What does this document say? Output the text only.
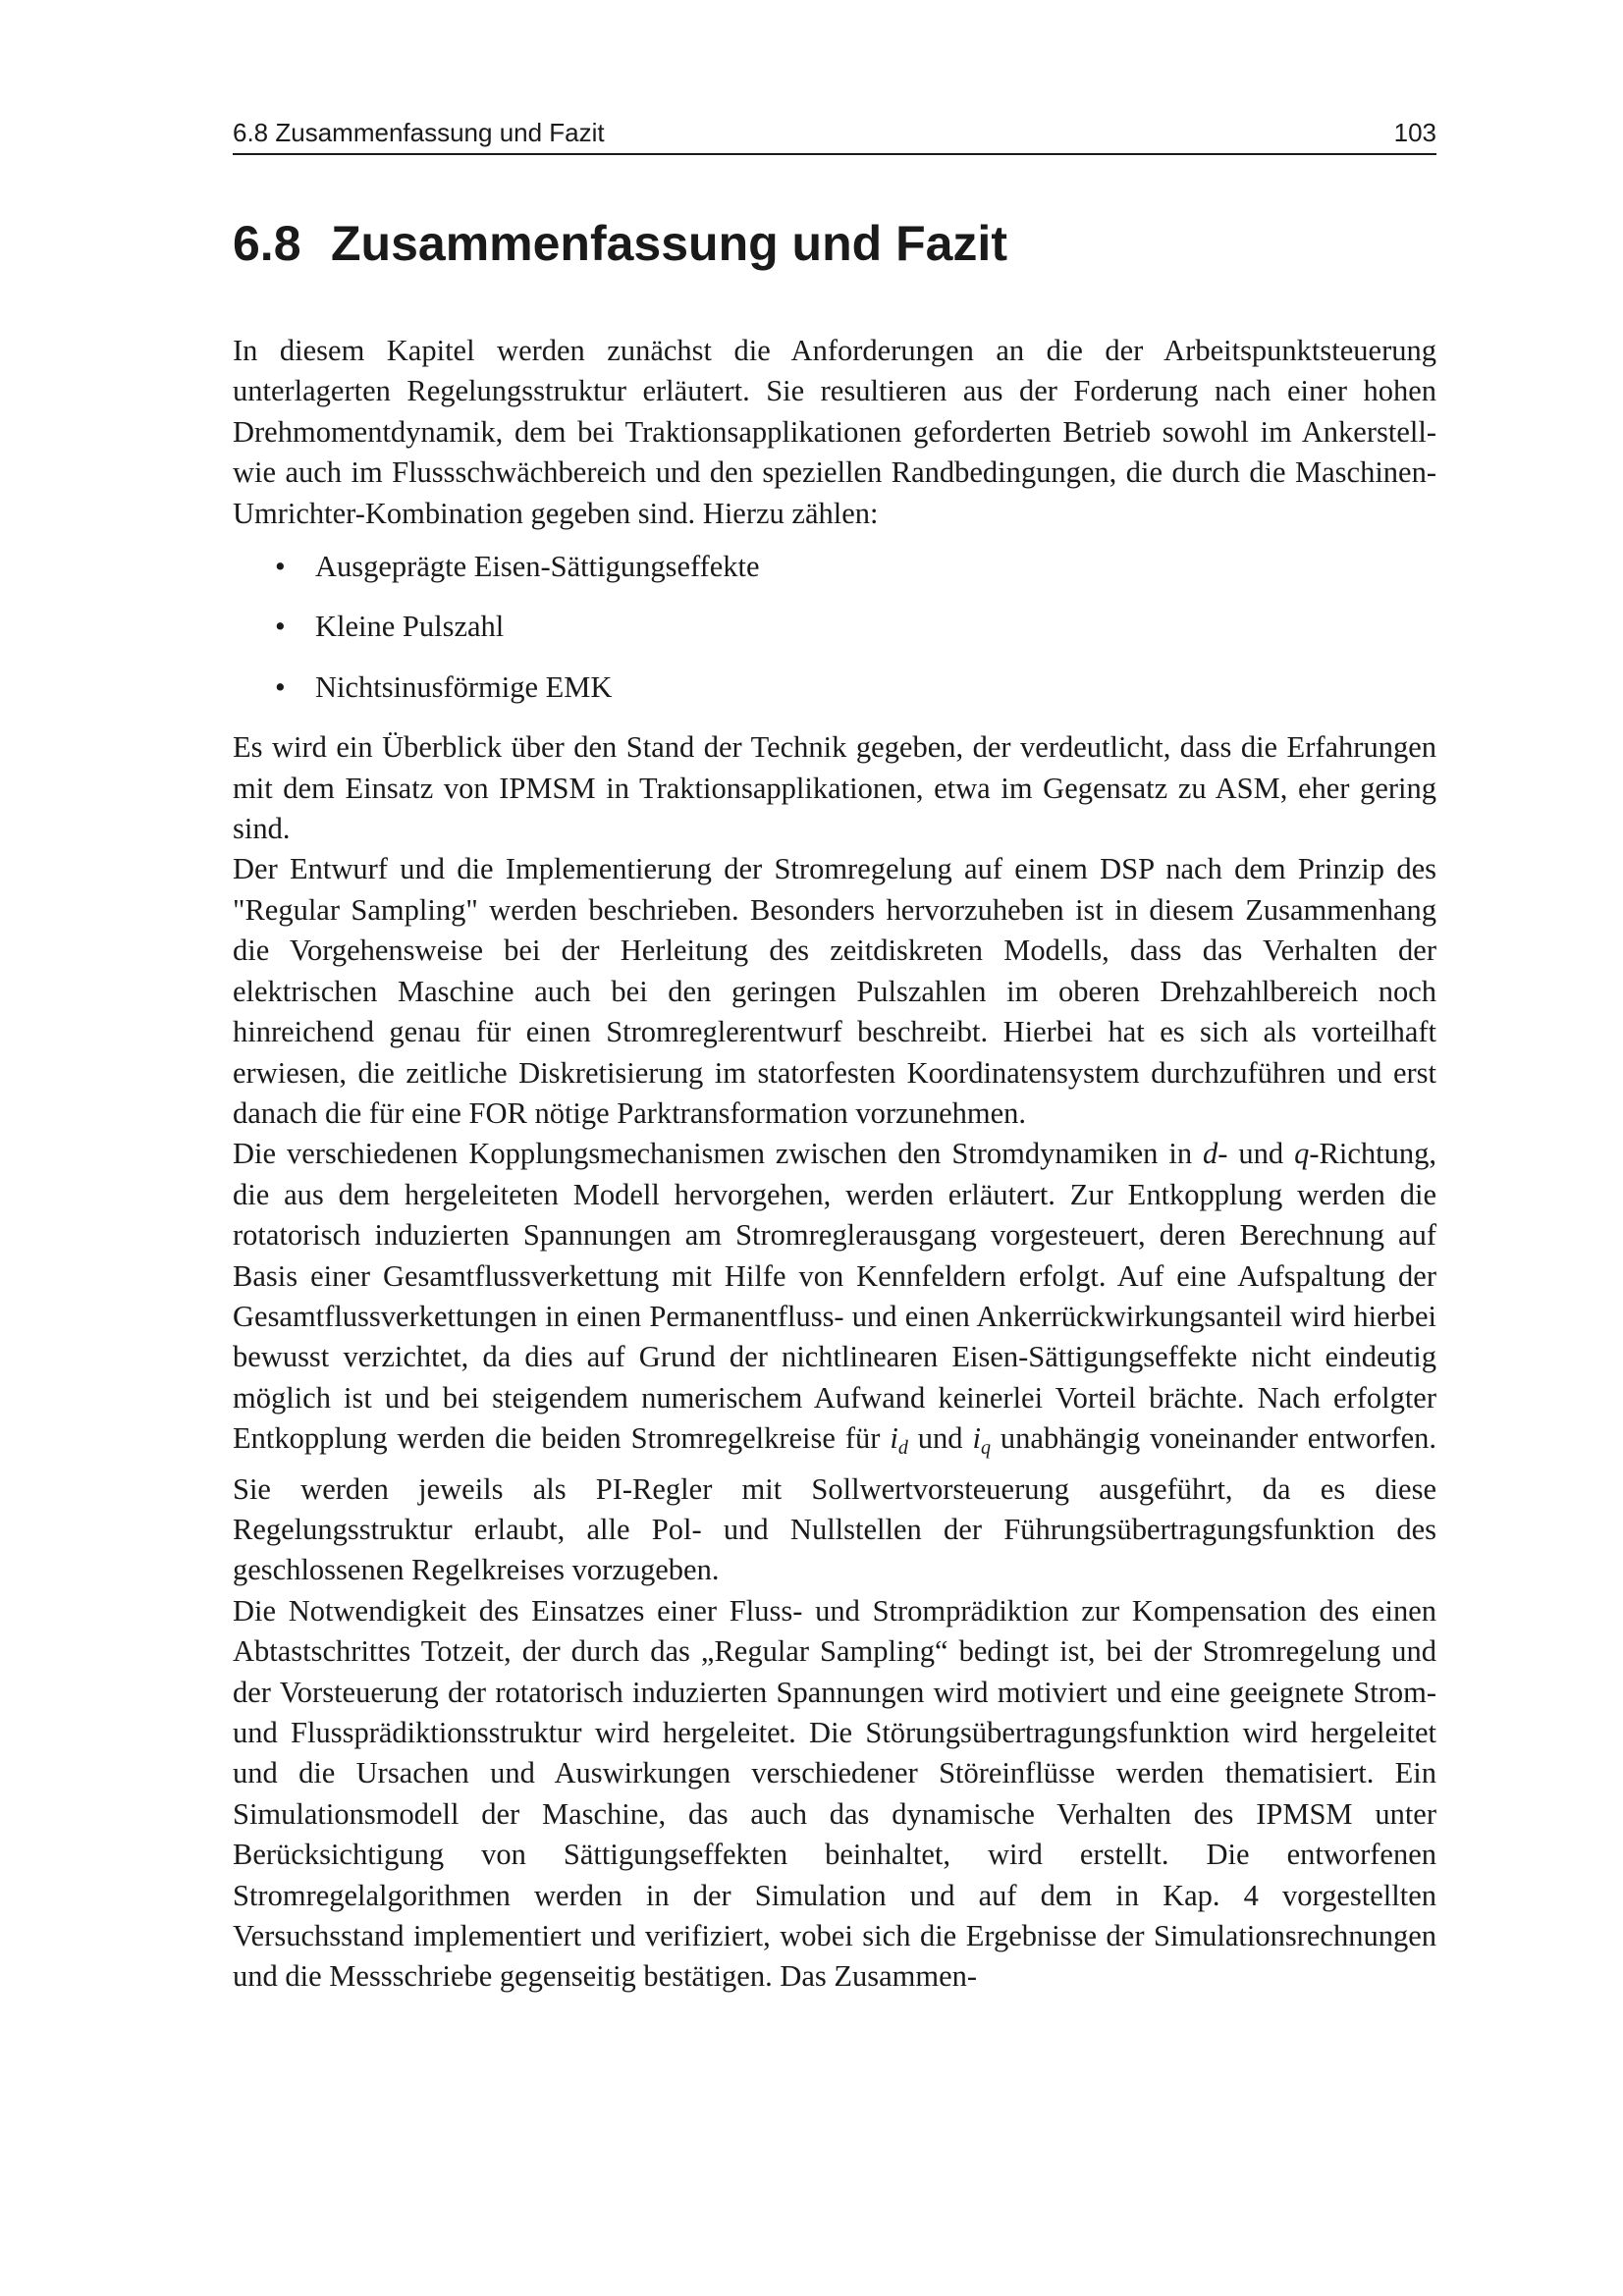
6.8 Zusammenfassung und Fazit	103
6.8 Zusammenfassung und Fazit

In diesem Kapitel werden zunächst die Anforderungen an die der Arbeitspunktsteuerung unterlagerten Regelungsstruktur erläutert. Sie resultieren aus der Forderung nach einer hohen Drehmomentdynamik, dem bei Traktionsapplikationen geforderten Betrieb sowohl im Ankerstell- wie auch im Flussschwächbereich und den speziellen Randbedingungen, die durch die Maschinen-Umrichter-Kombination gegeben sind. Hierzu zählen:

• Ausgeprägte Eisen-Sättigungseffekte
• Kleine Pulszahl
• Nichtsinusförmige EMK

Es wird ein Überblick über den Stand der Technik gegeben, der verdeutlicht, dass die Erfahrungen mit dem Einsatz von IPMSM in Traktionsapplikationen, etwa im Gegensatz zu ASM, eher gering sind.

Der Entwurf und die Implementierung der Stromregelung auf einem DSP nach dem Prinzip des "Regular Sampling" werden beschrieben. Besonders hervorzuheben ist in diesem Zusammenhang die Vorgehensweise bei der Herleitung des zeitdiskreten Modells, dass das Verhalten der elektrischen Maschine auch bei den geringen Pulszahlen im oberen Drehzahlbereich noch hinreichend genau für einen Stromreglerentwurf beschreibt. Hierbei hat es sich als vorteilhaft erwiesen, die zeitliche Diskretisierung im statorfesten Koordinatensystem durchzuführen und erst danach die für eine FOR nötige Parktransformation vorzunehmen.

Die verschiedenen Kopplungsmechanismen zwischen den Stromdynamiken in d- und q-Richtung, die aus dem hergeleiteten Modell hervorgehen, werden erläutert. Zur Entkopplung werden die rotatorisch induzierten Spannungen am Stromreglerausgang vorgesteuert, deren Berechnung auf Basis einer Gesamtflussverkettung mit Hilfe von Kennfeldern erfolgt. Auf eine Aufspaltung der Gesamtflussverkettungen in einen Permanentfluss- und einen Ankerrückwirkungsanteil wird hierbei bewusst verzichtet, da dies auf Grund der nichtlinearen Eisen-Sättigungseffekte nicht eindeutig möglich ist und bei steigendem numerischem Aufwand keinerlei Vorteil brächte. Nach erfolgter Entkopplung werden die beiden Stromregelkreise für $i_d$ und $i_q$ unabhängig voneinander entworfen. Sie werden jeweils als PI-Regler mit Sollwertvorsteuerung ausgeführt, da es diese Regelungsstruktur erlaubt, alle Pol- und Nullstellen der Führungsübertragungsfunktion des geschlossenen Regelkreises vorzugeben.

Die Notwendigkeit des Einsatzes einer Fluss- und Stromprädiktion zur Kompensation des einen Abtastschrittes Totzeit, der durch das „Regular Sampling“ bedingt ist, bei der Stromregelung und der Vorsteuerung der rotatorisch induzierten Spannungen wird motiviert und eine geeignete Strom- und Flussprädiktionsstruktur wird hergeleitet. Die Störungsübertragungsfunktion wird hergeleitet und die Ursachen und Auswirkungen verschiedener Störeinflüsse werden thematisiert. Ein Simulationsmodell der Maschine, das auch das dynamische Verhalten des IPMSM unter Berücksichtigung von Sättigungseffekten beinhaltet, wird erstellt. Die entworfenen Stromregelalgorithmen werden in der Simulation und auf dem in Kap. 4 vorgestellten Versuchsstand implementiert und verifiziert, wobei sich die Ergebnisse der Simulationsrechnungen und die Messschriebe gegenseitig bestätigen. Das Zusammen-
